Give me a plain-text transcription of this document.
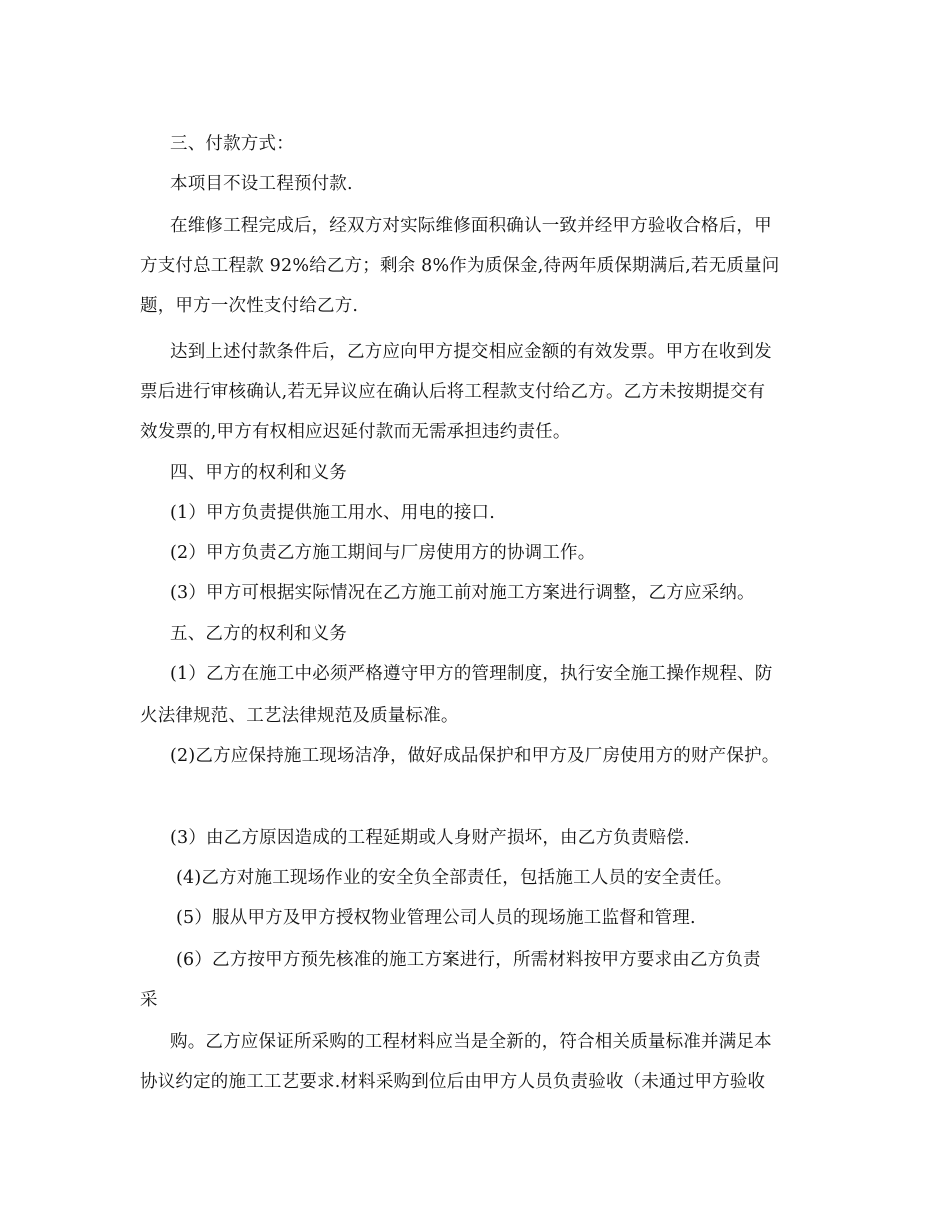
三、付款方式：
本项目不设工程预付款.
在维修工程完成后，经双方对实际维修面积确认一致并经甲方验收合格后，甲
方支付总工程款 92%给乙方；剩余 8%作为质保金,待两年质保期满后,若无质量问
题，甲方一次性支付给乙方.
达到上述付款条件后，乙方应向甲方提交相应金额的有效发票。甲方在收到发
票后进行审核确认,若无异议应在确认后将工程款支付给乙方。乙方未按期提交有
效发票的,甲方有权相应迟延付款而无需承担违约责任。
四、甲方的权利和义务
(1）甲方负责提供施工用水、用电的接口.
(2）甲方负责乙方施工期间与厂房使用方的协调工作。
(3）甲方可根据实际情况在乙方施工前对施工方案进行调整，乙方应采纳。
五、乙方的权利和义务
(1）乙方在施工中必须严格遵守甲方的管理制度，执行安全施工操作规程、防
火法律规范、工艺法律规范及质量标准。
(2)乙方应保持施工现场洁净，做好成品保护和甲方及厂房使用方的财产保护。
(3）由乙方原因造成的工程延期或人身财产损坏，由乙方负责赔偿.
(4)乙方对施工现场作业的安全负全部责任，包括施工人员的安全责任。
(5）服从甲方及甲方授权物业管理公司人员的现场施工监督和管理.
(6）乙方按甲方预先核准的施工方案进行，所需材料按甲方要求由乙方负责
采
购。乙方应保证所采购的工程材料应当是全新的，符合相关质量标准并满足本
协议约定的施工工艺要求.材料采购到位后由甲方人员负责验收（未通过甲方验收
